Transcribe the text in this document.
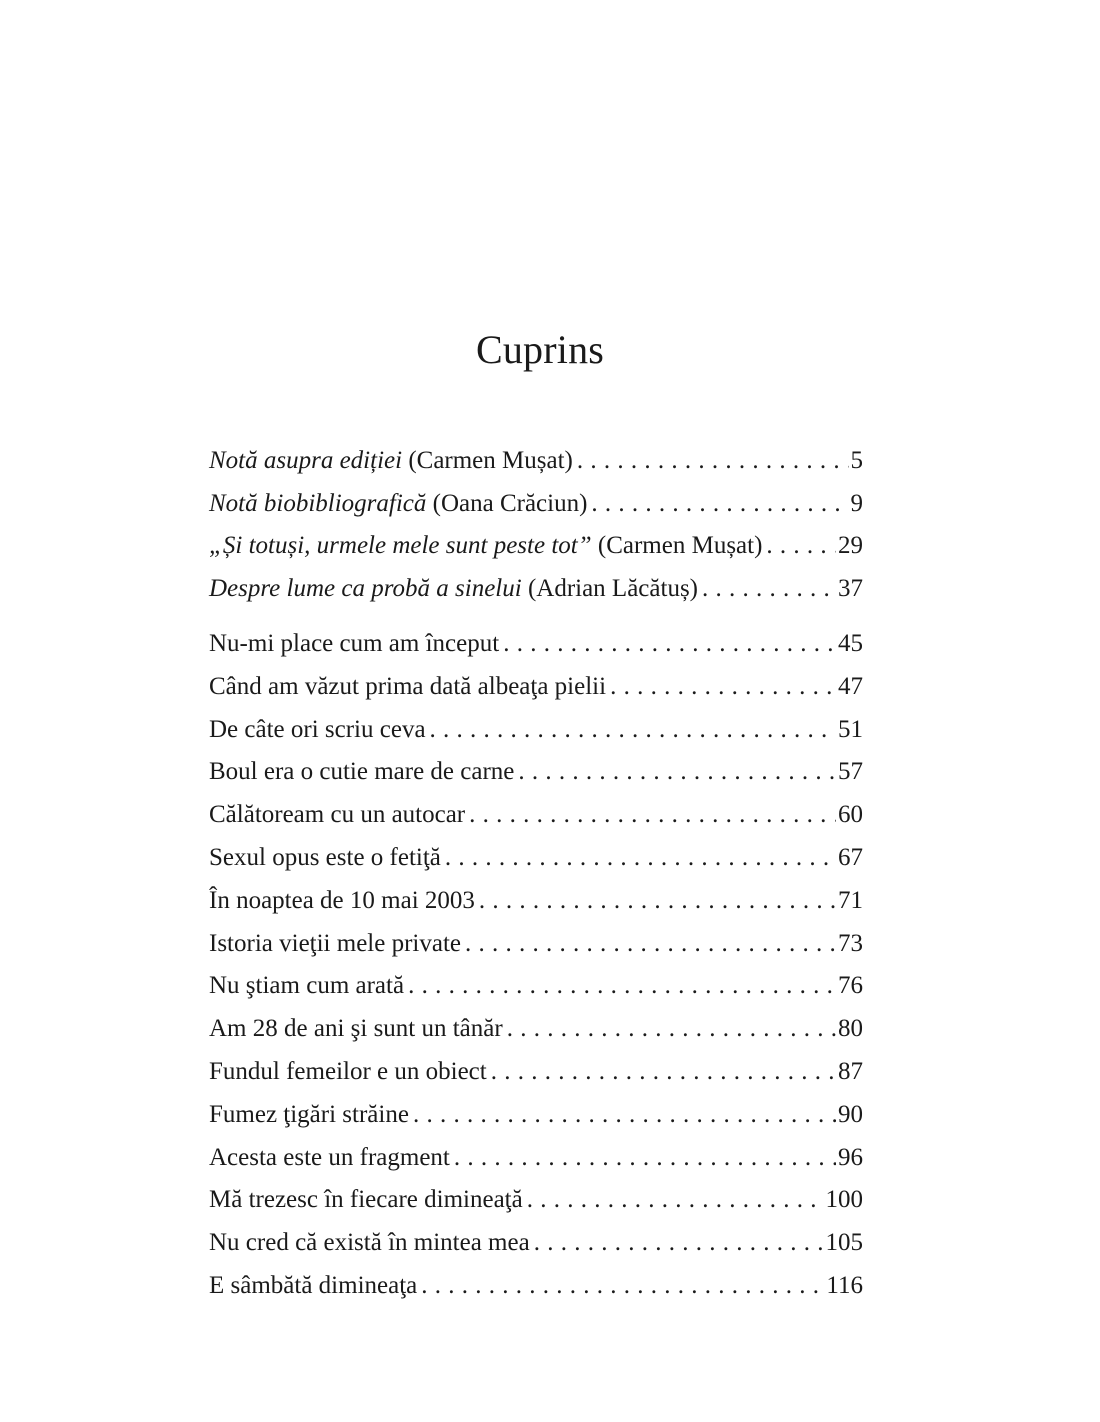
Cuprins
Notă asupra ediției (Carmen Mușat) . . .	5
Notă biobibliografică (Oana Crăciun) . . .	9
„Și totuși, urmele mele sunt peste tot” (Carmen Mușat) . . .	29
Despre lume ca probă a sinelui (Adrian Lăcătuș) . . .	37
Nu-mi place cum am început . . .	45
Când am văzut prima dată albeaţa pielii . . .	47
De câte ori scriu ceva . . .	51
Boul era o cutie mare de carne . . .	57
Călătoream cu un autocar . . .	60
Sexul opus este o fetiţă . . .	67
În noaptea de 10 mai 2003 . . .	71
Istoria vieţii mele private . . .	73
Nu ştiam cum arată . . .	76
Am 28 de ani şi sunt un tânăr . . .	80
Fundul femeilor e un obiect . . .	87
Fumez ţigări străine . . .	90
Acesta este un fragment . . .	96
Mă trezesc în fiecare dimineaţă . . .	100
Nu cred că există în mintea mea . . .	105
E sâmbătă dimineaţa . . .	116
